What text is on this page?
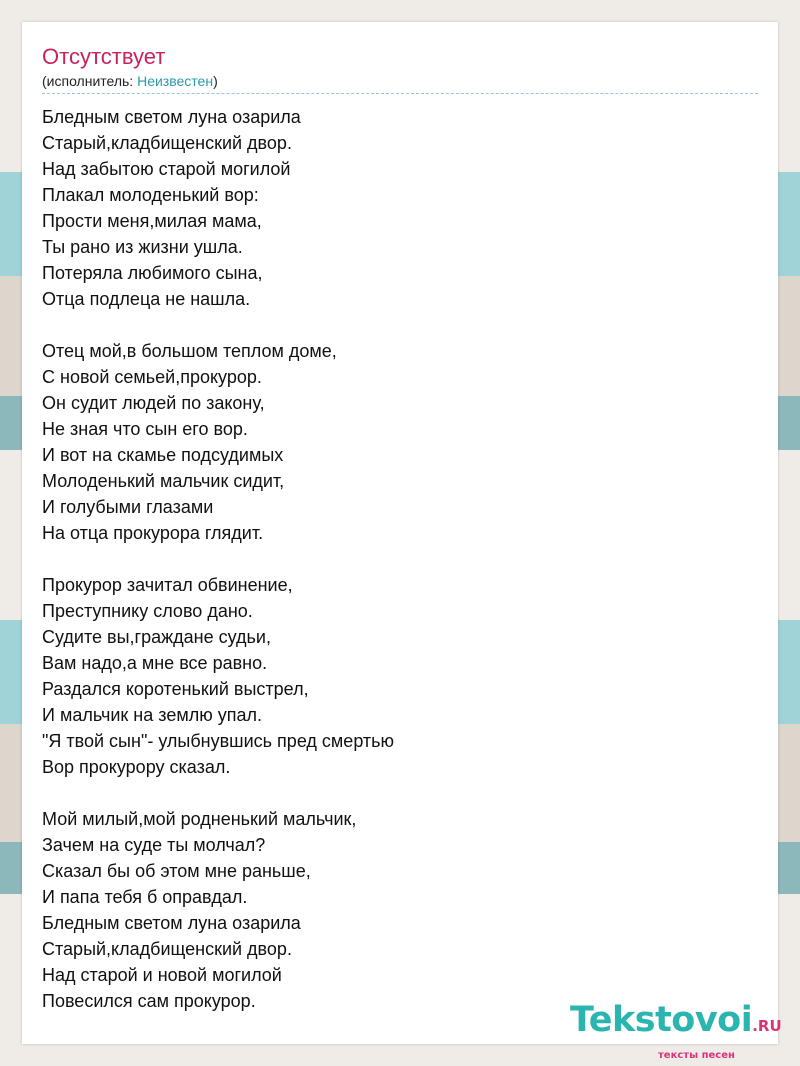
Отсутствует
(исполнитель: Неизвестен)
Бледным светом луна озарила
Старый,кладбищенский двор.
Над забытою старой могилой
Плакал молоденький вор:
Прости меня,милая мама,
Ты рано из жизни ушла.
Потеряла любимого сына,
Отца подлеца не нашла.
Отец мой,в большом теплом доме,
С новой семьей,прокурор.
Он судит людей по закону,
Не зная что сын его вор.
И вот на скамье подсудимых
Молоденький мальчик сидит,
И голубыми глазами
На отца прокурора глядит.
Прокурор зачитал обвинение,
Преступнику слово дано.
Судите вы,граждане судьи,
Вам надо,а мне все равно.
Раздался коротенький выстрел,
И мальчик на землю упал.
"Я твой сын"- улыбнувшись пред смертью
Вор прокурору сказал.
Мой милый,мой родненький мальчик,
Зачем на суде ты молчал?
Сказал бы об этом мне раньше,
И папа тебя б оправдал.
Бледным светом луна озарила
Старый,кладбищенский двор.
Над старой и новой могилой
Повесился сам прокурор.	Tekstovoi.RU
тексты песен
